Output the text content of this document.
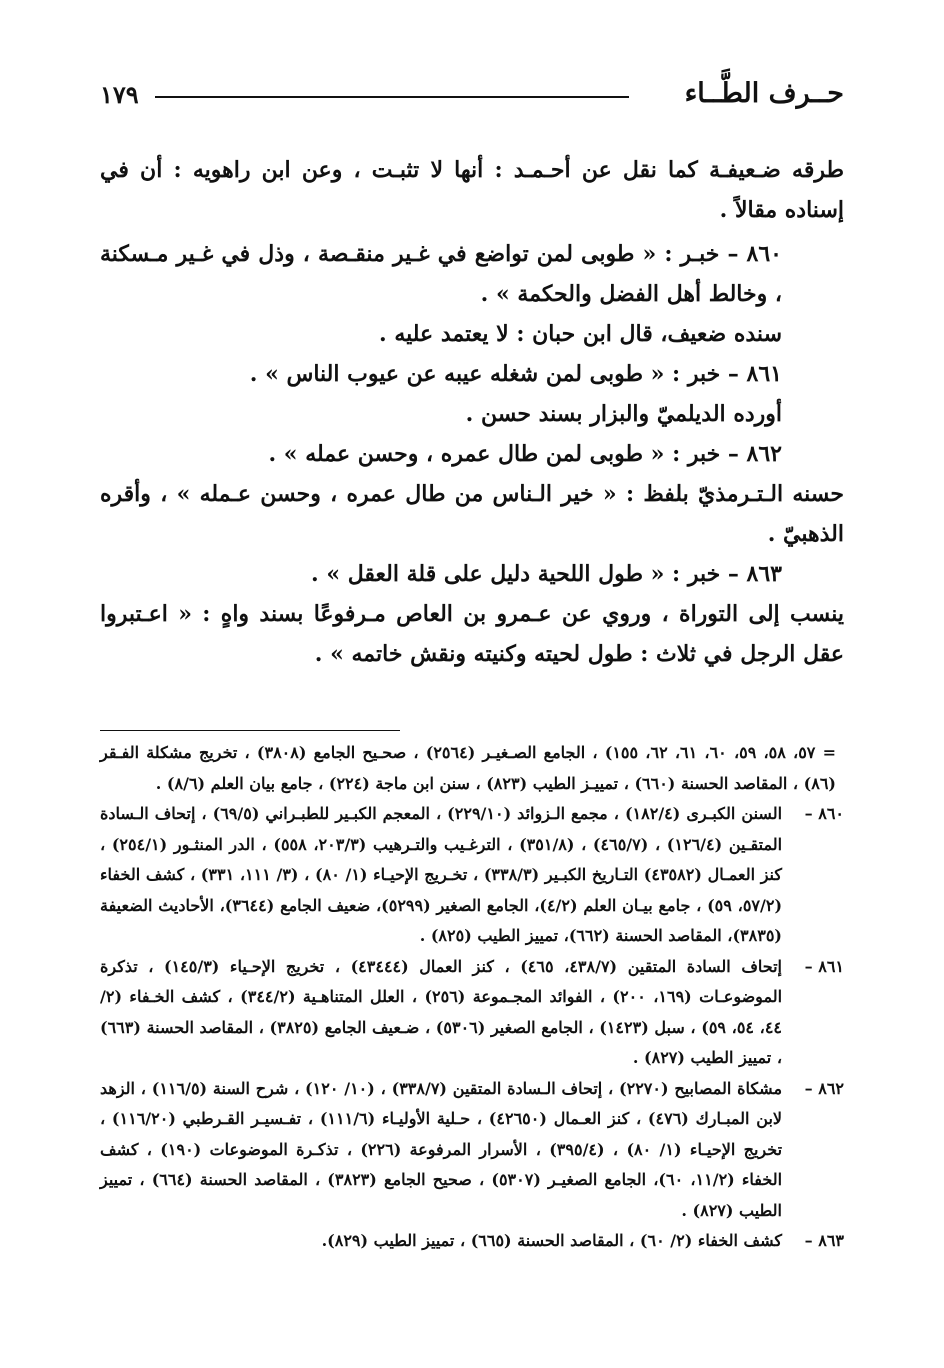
حــرف الطَّــاء
١٧٩

طرقه ضـعيفـة كما نقل عن أحـمـد : أنها لا تثبـت ، وعن ابن راهويه : أن في إسناده مقالاً .

٨٦٠ – خبـر : « طوبى لمن تواضع في غـير منقـصة ، وذل في غـير مـسكنة ، وخالط أهل الفضل والحكمة » .

سنده ضعيف، قال ابن حبان : لا يعتمد عليه .

٨٦١ – خبر : « طوبى لمن شغله عيبه عن عيوب الناس » .

أورده الديلميّ والبزار بسند حسن .

٨٦٢ – خبر : « طوبى لمن طال عمره ، وحسن عمله » .

حسنه الـتـرمذيّ بلفظ : « خير الـناس من طال عمره ، وحسن عـمله » ، وأقره الذهبيّ .

٨٦٣ – خبر : « طول اللحية دليل على قلة العقل » .

ينسب إلى التوراة ، وروي عن عـمرو بن العاص مـرفوعًا بسند واهٍ : « اعـتبروا عقل الرجل في ثلاث : طول لحيته وكنيته ونقش خاتمه » .

= ٥٧، ٥٨، ٥٩، ٦٠، ٦١، ٦٢، ١٥٥) ، الجامع الصـغيـر (٢٥٦٤) ، صحـيح الجامع (٣٨٠٨) ، تخريج مشكلة الفـقر (٨٦) ، المقاصد الحسنة (٦٦٠) ، تمييـز الطيب (٨٢٣) ، سنن ابن ماجة (٢٢٤) ، جامع بيان العلم (٨/٦) .

٨٦٠ –

السنن الكبـرى (١٨٢/٤) ، مجمع الـزوائد (٢٢٩/١٠) ، المعجم الكبـير للطبـراني (٦٩/٥) ، إتحاف الـسادة المتقـين (١٢٦/٤) ، (٤٦٥/٧) ، (٣٥١/٨) ، الترغـيب والتـرهيب (٢٠٣/٣، ٥٥٨) ، الدر المنثـور (٢٥٤/١) ، كنز العمـال (٤٣٥٨٢) التـاريخ الكبـير (٣٣٨/٣) ، تخـريج الإحيـاء (١/ ٨٠) ، (٣/ ١١١، ٣٣١) ، كشف الخفاء (٥٧/٢، ٥٩) ، جامع بيـان العلم (٤/٢)، الجامع الصغير (٥٢٩٩)، ضعيف الجامع (٣٦٤٤)، الأحاديث الضعيفة (٣٨٣٥)، المقاصد الحسنة (٦٦٢)، تمييز الطيب (٨٢٥) .

٨٦١ –

إتحاف السادة المتقين (٤٣٨/٧، ٤٦٥) ، كنز العمال (٤٣٤٤٤) ، تخريج الإحـياء (١٤٥/٣) ، تذكرة الموضوعـات (١٦٩، ٢٠٠) ، الفوائد المجـموعة (٢٥٦) ، العلل المتناهـية (٣٤٤/٢) ، كشف الخـفاء (٢/ ٤٤، ٥٤، ٥٩) ، سبل (١٤٢٣) ، الجامع الصغير (٥٣٠٦) ، ضـعيف الجامع (٣٨٢٥) ، المقاصد الحسنة (٦٦٣) ، تمييز الطيب (٨٢٧) .

٨٦٢ –

مشكاة المصابيح (٢٢٧٠) ، إتحاف الـسادة المتقين (٣٣٨/٧) ، (١٠/ ١٢٠) ، شرح السنة (١١٦/٥) ، الزهد لابن المبـارك (٤٧٦) ، كنز العـمال (٤٢٦٥٠) ، حـلية الأوليـاء (١١١/٦) ، تفـسيـر القـرطبي (١١٦/٢٠) ، تخريج الإحيـاء (١/ ٨٠) ، (٣٩٥/٤) ، الأسرار المرفوعة (٢٢٦) ، تذكـرة الموضوعات (١٩٠) ، كشف الخفاء (١١/٢، ٦٠)، الجامع الصغيـر (٥٣٠٧) ، صحيح الجامع (٣٨٢٣) ، المقاصد الحسنة (٦٦٤) ، تمييز الطيب (٨٢٧) .

٨٦٣ –

كشف الخفاء (٢/ ٦٠) ، المقاصد الحسنة (٦٦٥) ، تمييز الطيب (٨٢٩).
